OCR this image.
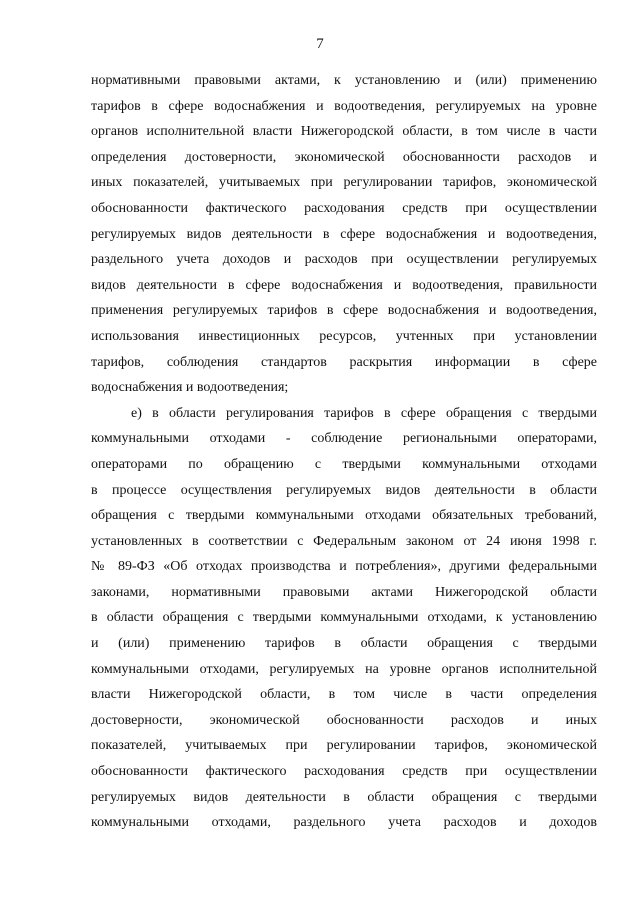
7
нормативными правовыми актами, к установлению и (или) применению
тарифов в сфере водоснабжения и водоотведения, регулируемых на уровне
органов исполнительной власти Нижегородской области, в том числе в части
определения достоверности, экономической обоснованности расходов и
иных показателей, учитываемых при регулировании тарифов, экономической
обоснованности фактического расходования средств при осуществлении
регулируемых видов деятельности в сфере водоснабжения и водоотведения,
раздельного учета доходов и расходов при осуществлении регулируемых
видов деятельности в сфере водоснабжения и водоотведения, правильности
применения регулируемых тарифов в сфере водоснабжения и водоотведения,
использования инвестиционных ресурсов, учтенных при установлении
тарифов, соблюдения стандартов раскрытия информации в сфере
водоснабжения и водоотведения;
е) в области регулирования тарифов в сфере обращения с твердыми
коммунальными отходами - соблюдение региональными операторами,
операторами по обращению с твердыми коммунальными отходами
в процессе осуществления регулируемых видов деятельности в области
обращения с твердыми коммунальными отходами обязательных требований,
установленных в соответствии с Федеральным законом от 24 июня 1998 г.
№ 89-ФЗ «Об отходах производства и потребления», другими федеральными
законами, нормативными правовыми актами Нижегородской области
в области обращения с твердыми коммунальными отходами, к установлению
и (или) применению тарифов в области обращения с твердыми
коммунальными отходами, регулируемых на уровне органов исполнительной
власти Нижегородской области, в том числе в части определения
достоверности, экономической обоснованности расходов и иных
показателей, учитываемых при регулировании тарифов, экономической
обоснованности фактического расходования средств при осуществлении
регулируемых видов деятельности в области обращения с твердыми
коммунальными отходами, раздельного учета расходов и доходов
